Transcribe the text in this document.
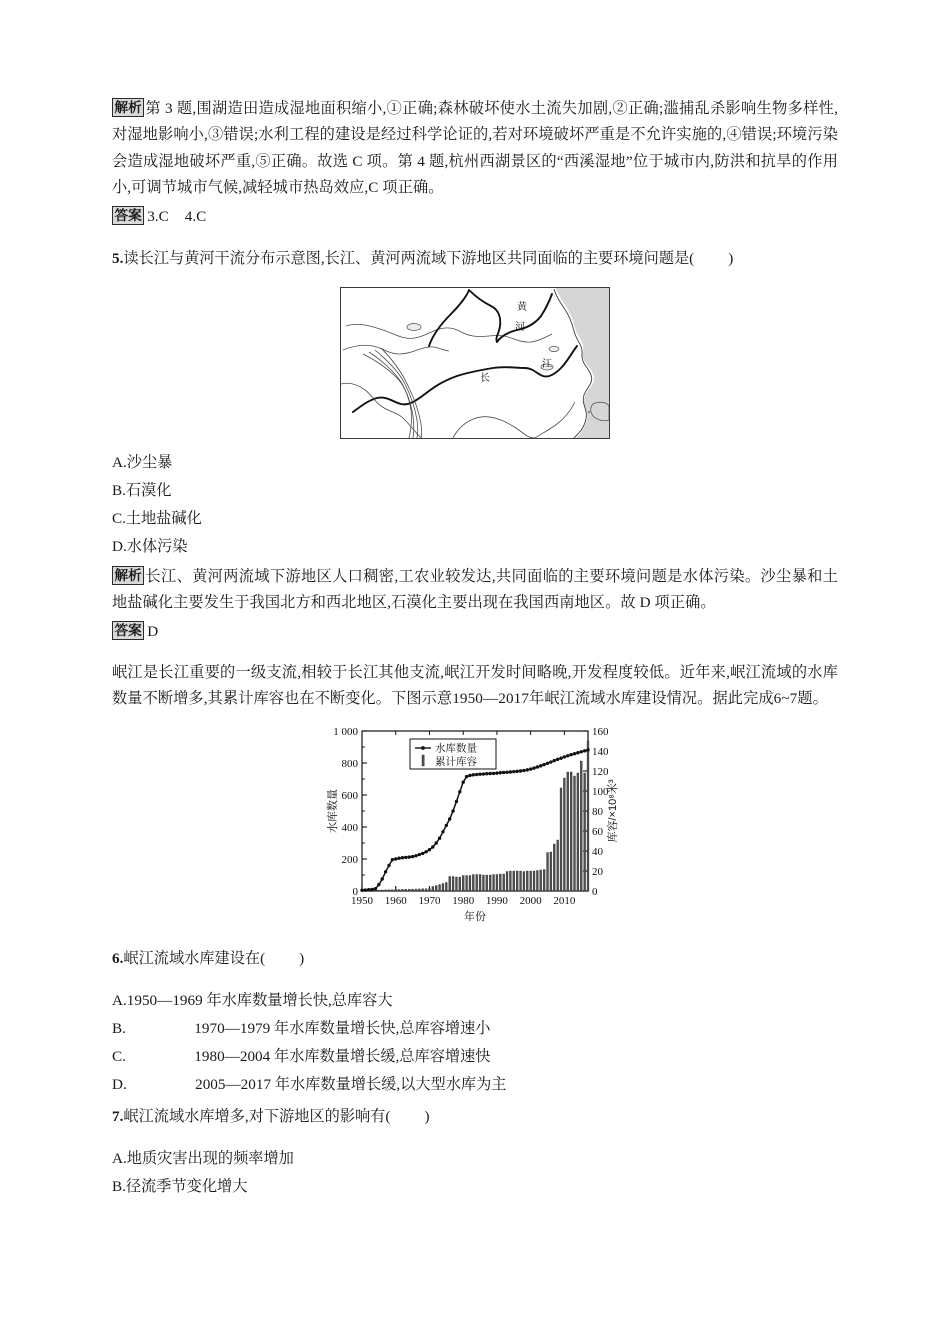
解析 第 3 题,围湖造田造成湿地面积缩小,①正确;森林破坏使水土流失加剧,②正确;滥捕乱杀影响生物多样性,对湿地影响小,③错误;水利工程的建设是经过科学论证的,若对环境破坏严重是不允许实施的,④错误;环境污染会造成湿地破坏严重,⑤正确。故选 C 项。第 4 题,杭州西湖景区的“西溪湿地”位于城市内,防洪和抗旱的作用小,可调节城市气候,减轻城市热岛效应,C 项正确。

答案 3.C 4.C

5.读长江与黄河干流分布示意图,长江、黄河两流域下游地区共同面临的主要环境问题是( )

黄
河
江
长
A.沙尘暴
B.石漠化
C.土地盐碱化
D.水体污染

解析 长江、黄河两流域下游地区人口稠密,工农业较发达,共同面临的主要环境问题是水体污染。沙尘暴和土地盐碱化主要发生于我国北方和西北地区,石漠化主要出现在我国西南地区。故 D 项正确。

答案 D

岷江是长江重要的一级支流,相较于长江其他支流,岷江开发时间略晚,开发程度较低。近年来,岷江流域的水库数量不断增多,其累计库容也在不断变化。下图示意1950—2017年岷江流域水库建设情况。据此完成6~7题。

0
200
400
600
800
1 000
0
20
40
60
80
100
120
140
160
1950 1960 1970 1980 1990 2000 2010
水库数量	库容/×10⁸米³
年份
水库数量
累计库容

6.岷江流域水库建设在( )

A.1950—1969 年水库数量增长快,总库容大
B.	1970—1979 年水库数量增长快,总库容增速小
C.	1980—2004 年水库数量增长缓,总库容增速快
D.	2005—2017 年水库数量增长缓,以大型水库为主

7.岷江流域水库增多,对下游地区的影响有( )

A.地质灾害出现的频率增加
B.径流季节变化增大
